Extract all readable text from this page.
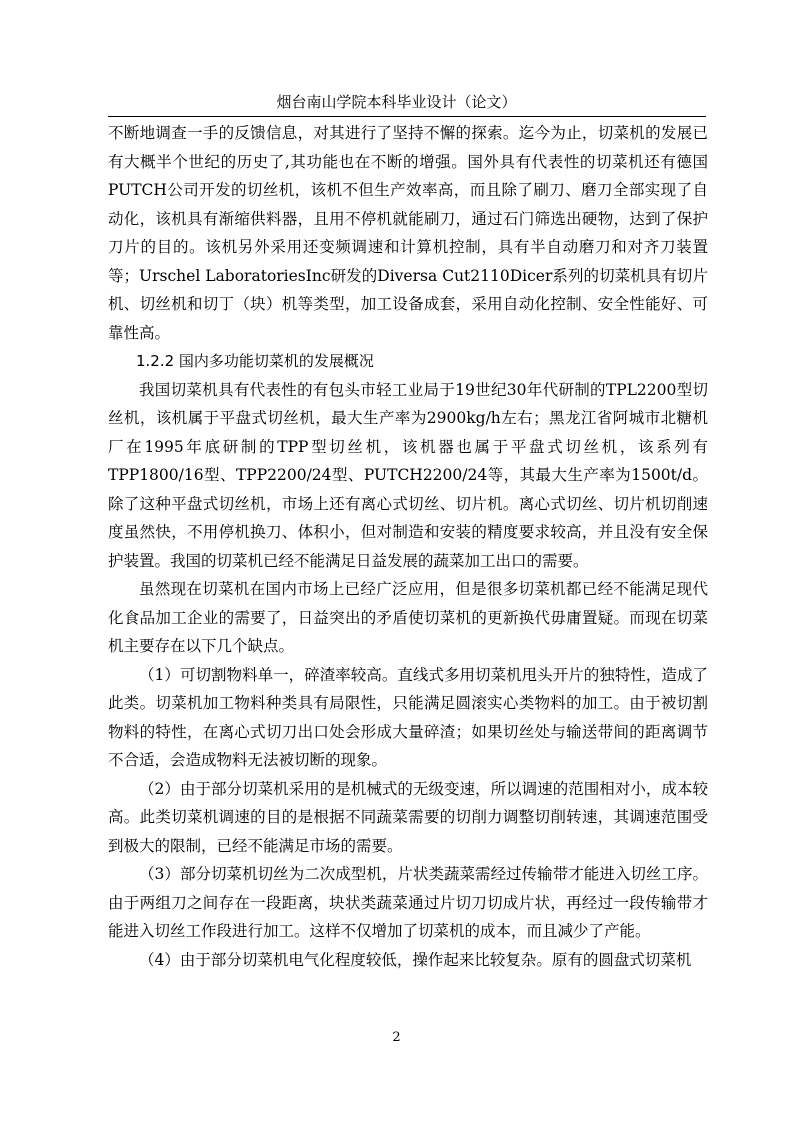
烟台南山学院本科毕业设计（论文）

不断地调查一手的反馈信息，对其进行了坚持不懈的探索。迄今为止，切菜机的发展已有大概半个世纪的历史了,其功能也在不断的增强。国外具有代表性的切菜机还有德国PUTCH公司开发的切丝机，该机不但生产效率高，而且除了刷刀、磨刀全部实现了自动化，该机具有渐缩供料器，且用不停机就能刷刀，通过石门筛选出硬物，达到了保护刀片的目的。该机另外采用还变频调速和计算机控制，具有半自动磨刀和对齐刀装置等；Urschel LaboratoriesInc研发的Diversa Cut2110Dicer系列的切菜机具有切片机、切丝机和切丁（块）机等类型，加工设备成套，采用自动化控制、安全性能好、可靠性高。

1.2.2 国内多功能切菜机的发展概况

我国切菜机具有代表性的有包头市轻工业局于19世纪30年代研制的TPL2200型切丝机，该机属于平盘式切丝机，最大生产率为2900kg/h左右；黑龙江省阿城市北糖机厂在1995年底研制的TPP型切丝机，该机器也属于平盘式切丝机，该系列有TPP1800/16型、TPP2200/24型、PUTCH2200/24等，其最大生产率为1500t/d。除了这种平盘式切丝机，市场上还有离心式切丝、切片机。离心式切丝、切片机切削速度虽然快，不用停机换刀、体积小，但对制造和安装的精度要求较高，并且没有安全保护装置。我国的切菜机已经不能满足日益发展的蔬菜加工出口的需要。

虽然现在切菜机在国内市场上已经广泛应用，但是很多切菜机都已经不能满足现代化食品加工企业的需要了，日益突出的矛盾使切菜机的更新换代毋庸置疑。而现在切菜机主要存在以下几个缺点。

（1）可切割物料单一，碎渣率较高。直线式多用切菜机甩头开片的独特性，造成了此类。切菜机加工物料种类具有局限性，只能满足圆滚实心类物料的加工。由于被切割物料的特性，在离心式切刀出口处会形成大量碎渣；如果切丝处与输送带间的距离调节不合适，会造成物料无法被切断的现象。

（2）由于部分切菜机采用的是机械式的无级变速，所以调速的范围相对小，成本较高。此类切菜机调速的目的是根据不同蔬菜需要的切削力调整切削转速，其调速范围受到极大的限制，已经不能满足市场的需要。

（3）部分切菜机切丝为二次成型机，片状类蔬菜需经过传输带才能进入切丝工序。由于两组刀之间存在一段距离，块状类蔬菜通过片切刀切成片状，再经过一段传输带才能进入切丝工作段进行加工。这样不仅增加了切菜机的成本，而且减少了产能。

（4）由于部分切菜机电气化程度较低，操作起来比较复杂。原有的圆盘式切菜机

2
